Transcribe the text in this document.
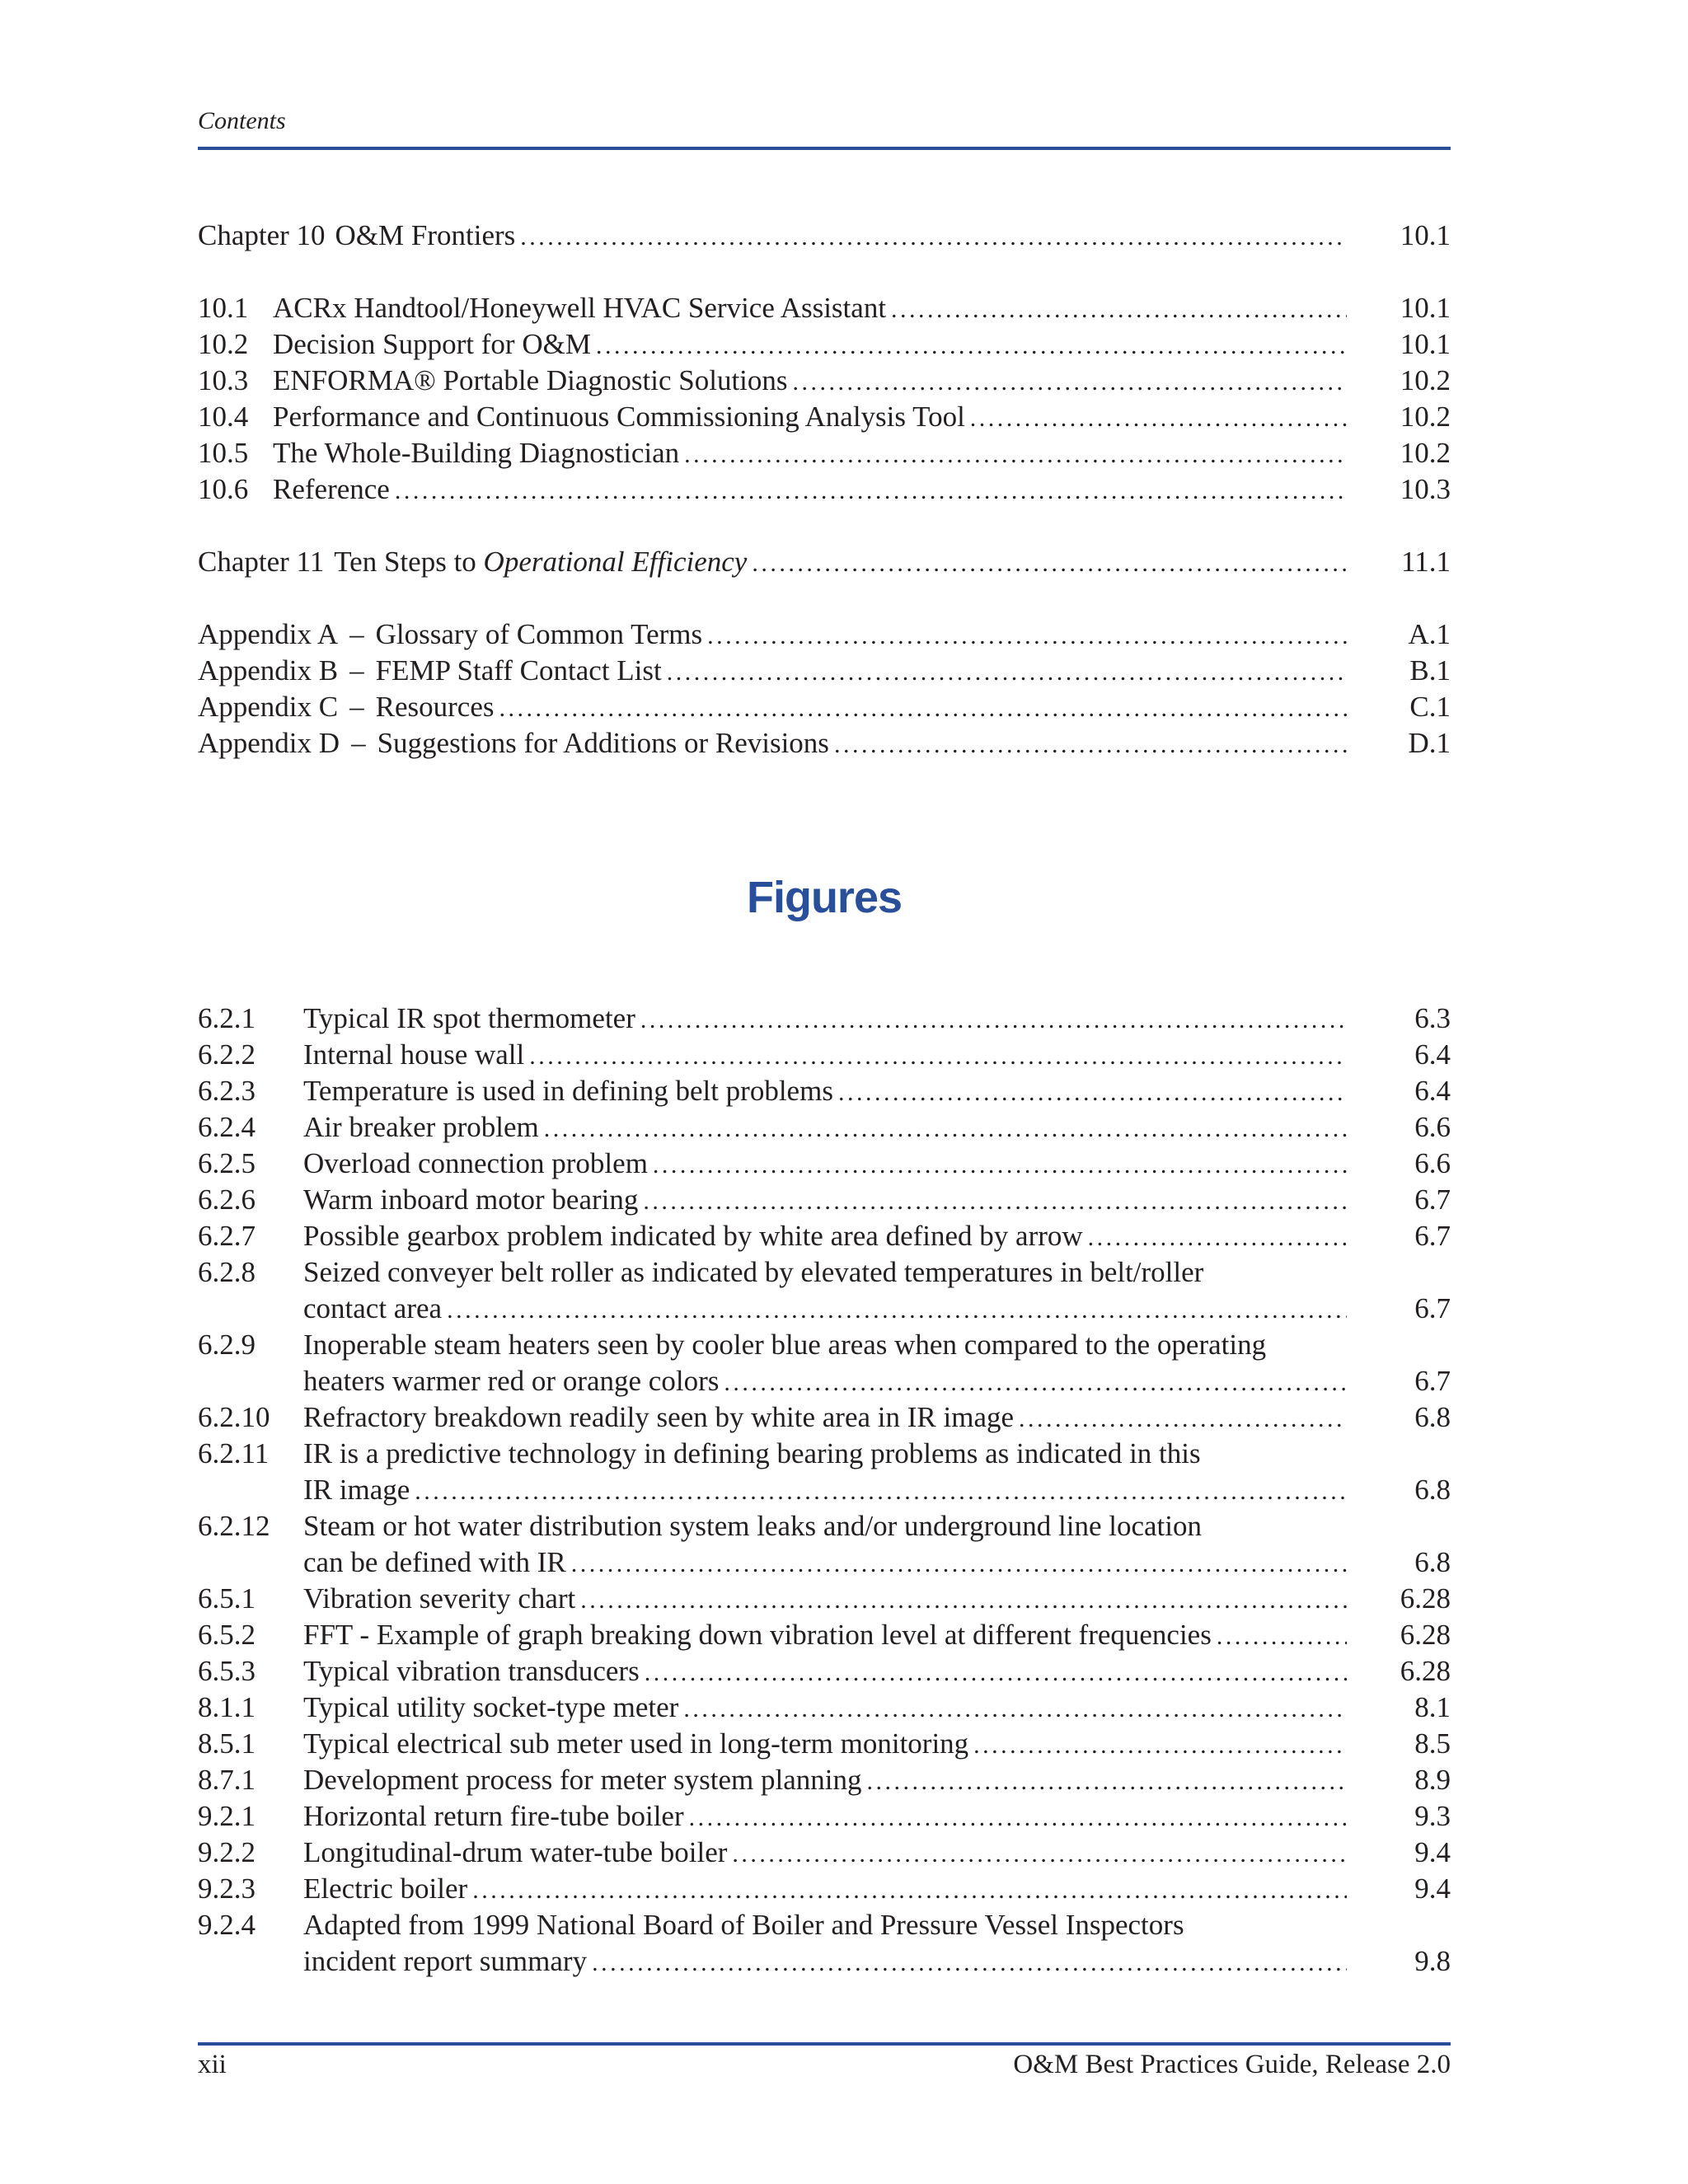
Contents
Chapter 10 O&M Frontiers . . .	10.1
10.1 ACRx Handtool/Honeywell HVAC Service Assistant . . .	10.1
10.2 Decision Support for O&M . . .	10.1
10.3 ENFORMA® Portable Diagnostic Solutions . . .	10.2
10.4 Performance and Continuous Commissioning Analysis Tool . . .	10.2
10.5 The Whole-Building Diagnostician . . .	10.2
10.6 Reference . . .	10.3
Chapter 11 Ten Steps to Operational Efficiency . . .	11.1
Appendix A – Glossary of Common Terms . . .	A.1
Appendix B – FEMP Staff Contact List . . .	B.1
Appendix C – Resources . . .	C.1
Appendix D – Suggestions for Additions or Revisions . . .	D.1
Figures
6.2.1	Typical IR spot thermometer . . .	6.3
6.2.2	Internal house wall . . .	6.4
6.2.3	Temperature is used in defining belt problems . . .	6.4
6.2.4	Air breaker problem . . .	6.6
6.2.5	Overload connection problem . . .	6.6
6.2.6	Warm inboard motor bearing . . .	6.7
6.2.7	Possible gearbox problem indicated by white area defined by arrow . . .	6.7
6.2.8	Seized conveyer belt roller as indicated by elevated temperatures in belt/roller
contact area . . .	6.7
6.2.9	Inoperable steam heaters seen by cooler blue areas when compared to the operating
heaters warmer red or orange colors . . .	6.7
6.2.10	Refractory breakdown readily seen by white area in IR image . . .	6.8
6.2.11	IR is a predictive technology in defining bearing problems as indicated in this
IR image . . .	6.8
6.2.12	Steam or hot water distribution system leaks and/or underground line location
can be defined with IR . . .	6.8
6.5.1	Vibration severity chart . . .	6.28
6.5.2	FFT - Example of graph breaking down vibration level at different frequencies . . .	6.28
6.5.3	Typical vibration transducers . . .	6.28
8.1.1	Typical utility socket-type meter . . .	8.1
8.5.1	Typical electrical sub meter used in long-term monitoring . . .	8.5
8.7.1	Development process for meter system planning . . .	8.9
9.2.1	Horizontal return fire-tube boiler . . .	9.3
9.2.2	Longitudinal-drum water-tube boiler . . .	9.4
9.2.3	Electric boiler . . .	9.4
9.2.4	Adapted from 1999 National Board of Boiler and Pressure Vessel Inspectors
incident report summary . . .	9.8
xii	O&M Best Practices Guide, Release 2.0
